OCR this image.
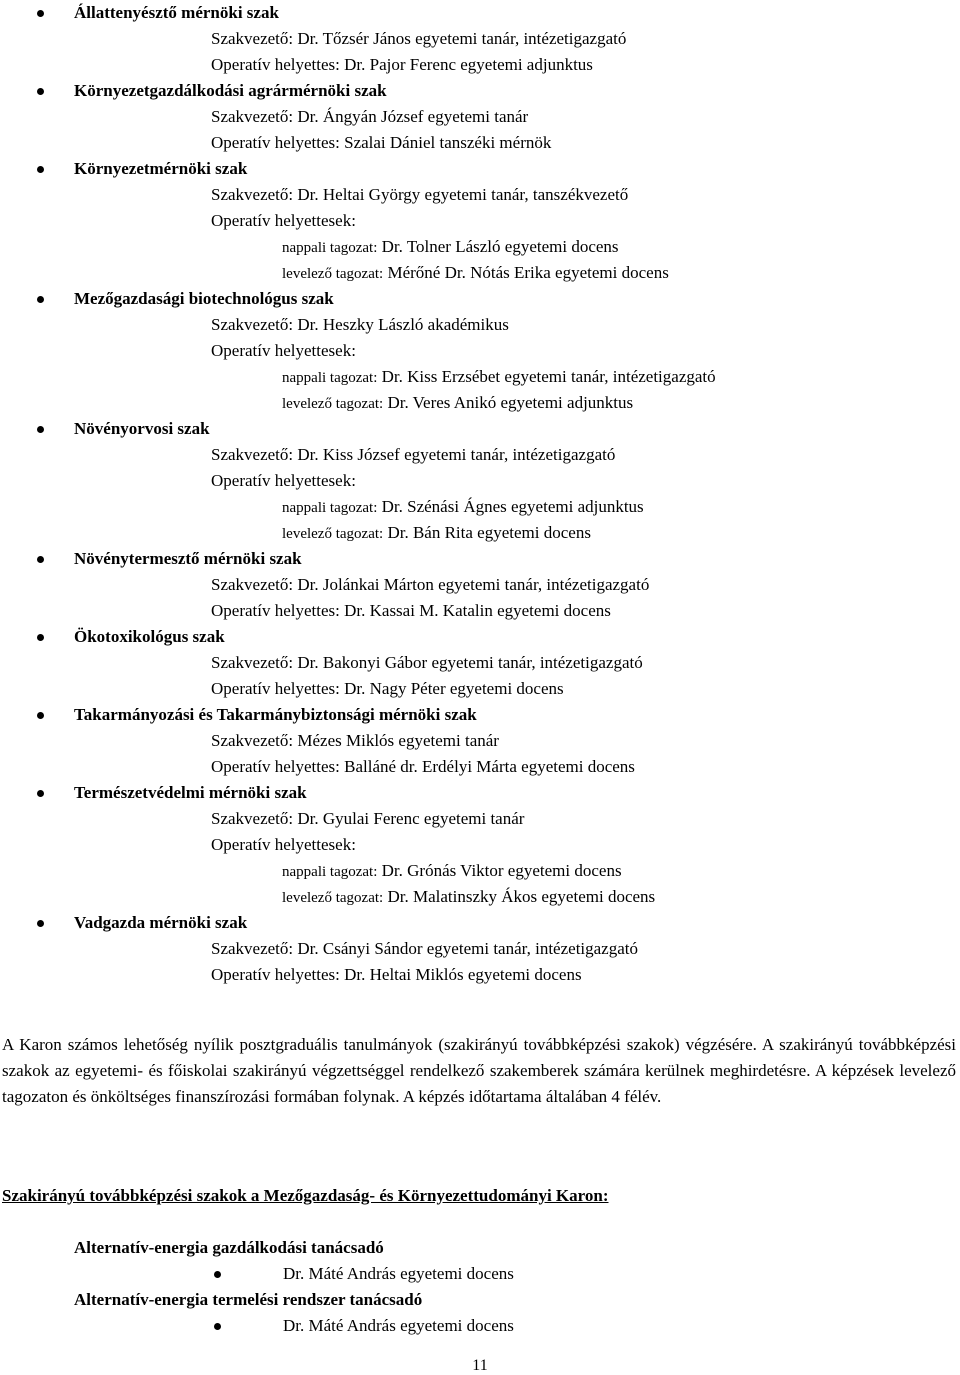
Állattenyésztő mérnöki szak
Szakvezető: Dr. Tőzsér János egyetemi tanár, intézetigazgató
Operatív helyettes: Dr. Pajor Ferenc egyetemi adjunktus
Környezetgazdálkodási agrármérnöki szak
Szakvezető: Dr. Ángyán József egyetemi tanár
Operatív helyettes: Szalai Dániel tanszéki mérnök
Környezetmérnöki szak
Szakvezető: Dr. Heltai György egyetemi tanár, tanszékvezető
Operatív helyettesek:
nappali tagozat: Dr. Tolner László egyetemi docens
levelező tagozat: Mérőné Dr. Nótás Erika egyetemi docens
Mezőgazdasági biotechnológus szak
Szakvezető: Dr. Heszky László akadémikus
Operatív helyettesek:
nappali tagozat: Dr. Kiss Erzsébet egyetemi tanár, intézetigazgató
levelező tagozat: Dr. Veres Anikó egyetemi adjunktus
Növényorvosi szak
Szakvezető: Dr. Kiss József egyetemi tanár, intézetigazgató
Operatív helyettesek:
nappali tagozat: Dr. Szénási Ágnes egyetemi adjunktus
levelező tagozat: Dr. Bán Rita egyetemi docens
Növénytermesztő mérnöki szak
Szakvezető: Dr. Jolánkai Márton egyetemi tanár, intézetigazgató
Operatív helyettes: Dr. Kassai M. Katalin egyetemi docens
Ökotoxikológus szak
Szakvezető: Dr. Bakonyi Gábor egyetemi tanár, intézetigazgató
Operatív helyettes: Dr. Nagy Péter egyetemi docens
Takarmányozási és Takarmánybiztonsági mérnöki szak
Szakvezető: Mézes Miklós egyetemi tanár
Operatív helyettes: Balláné dr. Erdélyi Márta egyetemi docens
Természetvédelmi mérnöki szak
Szakvezető: Dr. Gyulai Ferenc egyetemi tanár
Operatív helyettesek:
nappali tagozat: Dr. Grónás Viktor egyetemi docens
levelező tagozat: Dr. Malatinszky Ákos egyetemi docens
Vadgazda mérnöki szak
Szakvezető: Dr. Csányi Sándor egyetemi tanár, intézetigazgató
Operatív helyettes: Dr. Heltai Miklós egyetemi docens
Alternatív-energia gazdálkodási tanácsadó
Dr. Máté András egyetemi docens
Alternatív-energia termelési rendszer tanácsadó
Dr. Máté András egyetemi docens
A Karon számos lehetőség nyílik posztgraduális tanulmányok (szakirányú továbbképzési szakok) végzésére. A szakirányú továbbképzési szakok az egyetemi- és főiskolai szakirányú végzettséggel rendelkező szakemberek számára kerülnek meghirdetésre. A képzések levelező tagozaton és önköltséges finanszírozási formában folynak. A képzés időtartama általában 4 félév.
Szakirányú továbbképzési szakok a Mezőgazdaság- és Környezettudományi Karon:
11
